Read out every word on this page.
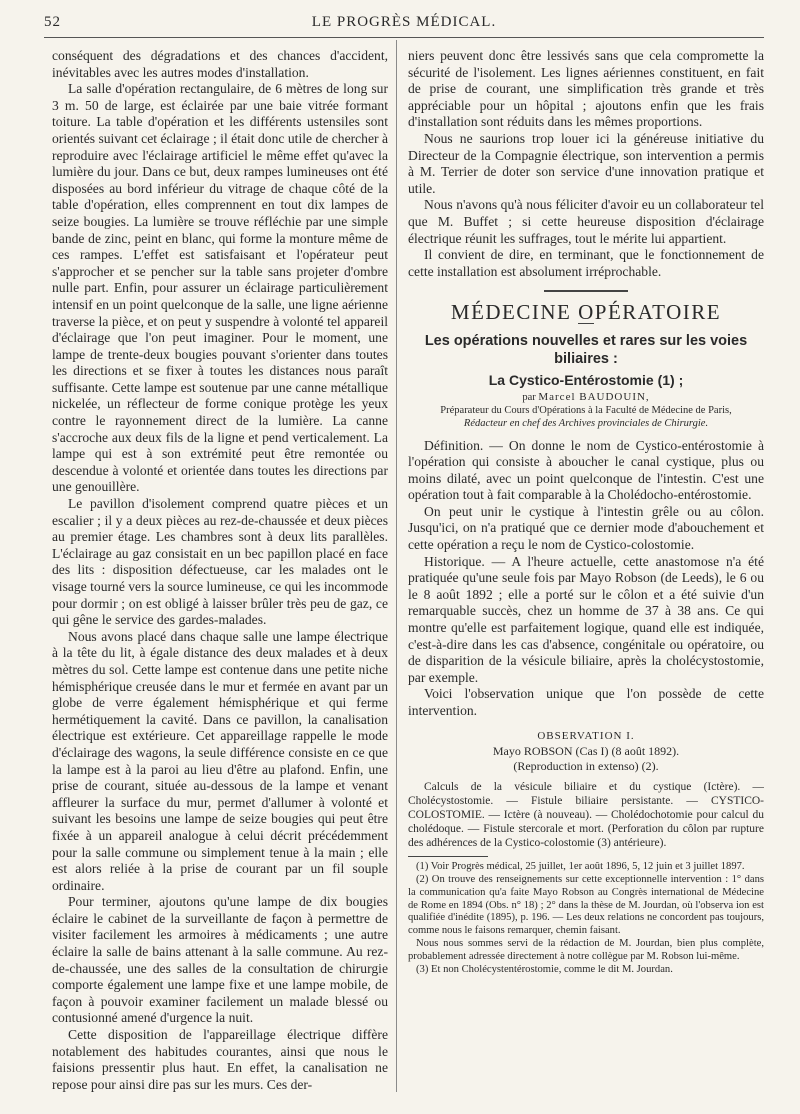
52	LE PROGRÈS MÉDICAL.

conséquent des dégradations et des chances d'accident, inévitables avec les autres modes d'installation.

La salle d'opération rectangulaire, de 6 mètres de long sur 3 m. 50 de large, est éclairée par une baie vitrée formant toiture. La table d'opération et les différents ustensiles sont orientés suivant cet éclairage ; il était donc utile de chercher à reproduire avec l'éclairage artificiel le même effet qu'avec la lumière du jour. Dans ce but, deux rampes lumineuses ont été disposées au bord inférieur du vitrage de chaque côté de la table d'opération, elles comprennent en tout dix lampes de seize bougies. La lumière se trouve réfléchie par une simple bande de zinc, peint en blanc, qui forme la monture même de ces rampes. L'effet est satisfaisant et l'opérateur peut s'approcher et se pencher sur la table sans projeter d'ombre nulle part. Enfin, pour assurer un éclairage particulièrement intensif en un point quelconque de la salle, une ligne aérienne traverse la pièce, et on peut y suspendre à volonté tel appareil d'éclairage que l'on peut imaginer. Pour le moment, une lampe de trente-deux bougies pouvant s'orienter dans toutes les directions et se fixer à toutes les distances nous paraît suffisante. Cette lampe est soutenue par une canne métallique nickelée, un réflecteur de forme conique protège les yeux contre le rayonnement direct de la lumière. La canne s'accroche aux deux fils de la ligne et pend verticalement. La lampe qui est à son extrémité peut être remontée ou descendue à volonté et orientée dans toutes les directions par une genouillère.

Le pavillon d'isolement comprend quatre pièces et un escalier ; il y a deux pièces au rez-de-chaussée et deux pièces au premier étage. Les chambres sont à deux lits parallèles. L'éclairage au gaz consistait en un bec papillon placé en face des lits : disposition défectueuse, car les malades ont le visage tourné vers la source lumineuse, ce qui les incommode pour dormir ; on est obligé à laisser brûler très peu de gaz, ce qui gêne le service des gardes-malades.

Nous avons placé dans chaque salle une lampe électrique à la tête du lit, à égale distance des deux malades et à deux mètres du sol. Cette lampe est contenue dans une petite niche hémisphérique creusée dans le mur et fermée en avant par un globe de verre également hémisphérique et qui ferme hermétiquement la cavité. Dans ce pavillon, la canalisation électrique est extérieure. Cet appareillage rappelle le mode d'éclairage des wagons, la seule différence consiste en ce que la lampe est à la paroi au lieu d'être au plafond. Enfin, une prise de courant, située au-dessous de la lampe et venant affleurer la surface du mur, permet d'allumer à volonté et suivant les besoins une lampe de seize bougies qui peut être fixée à un appareil analogue à celui décrit précédemment pour la salle commune ou simplement tenue à la main ; elle est alors reliée à la prise de courant par un fil souple ordinaire.

Pour terminer, ajoutons qu'une lampe de dix bougies éclaire le cabinet de la surveillante de façon à permettre de visiter facilement les armoires à médicaments ; une autre éclaire la salle de bains attenant à la salle commune. Au rez-de-chaussée, une des salles de la consultation de chirurgie comporte également une lampe fixe et une lampe mobile, de façon à pouvoir examiner facilement un malade blessé ou contusionné amené d'urgence la nuit.

Cette disposition de l'appareillage électrique diffère notablement des habitudes courantes, ainsi que nous le faisions pressentir plus haut. En effet, la canalisation ne repose pour ainsi dire pas sur les murs. Ces der-

niers peuvent donc être lessivés sans que cela compromette la sécurité de l'isolement. Les lignes aériennes constituent, en fait de prise de courant, une simplification très grande et très appréciable pour un hôpital ; ajoutons enfin que les frais d'installation sont réduits dans les mêmes proportions.

Nous ne saurions trop louer ici la généreuse initiative du Directeur de la Compagnie électrique, son intervention a permis à M. Terrier de doter son service d'une innovation pratique et utile.

Nous n'avons qu'à nous féliciter d'avoir eu un collaborateur tel que M. Buffet ; si cette heureuse disposition d'éclairage électrique réunit les suffrages, tout le mérite lui appartient.

Il convient de dire, en terminant, que le fonctionnement de cette installation est absolument irréprochable.

MÉDECINE OPÉRATOIRE
Les opérations nouvelles et rares sur les voies biliaires :
La Cystico-Entérostomie (1) ;
par Marcel BAUDOUIN,
Préparateur du Cours d'Opérations à la Faculté de Médecine de Paris,
Rédacteur en chef des Archives provinciales de Chirurgie.

Définition. — On donne le nom de Cystico-entérostomie à l'opération qui consiste à aboucher le canal cystique, plus ou moins dilaté, avec un point quelconque de l'intestin. C'est une opération tout à fait comparable à la Cholédocho-entérostomie.

On peut unir le cystique à l'intestin grêle ou au côlon. Jusqu'ici, on n'a pratiqué que ce dernier mode d'abouchement et cette opération a reçu le nom de Cystico-colostomie.

Historique. — A l'heure actuelle, cette anastomose n'a été pratiquée qu'une seule fois par Mayo Robson (de Leeds), le 6 ou le 8 août 1892 ; elle a porté sur le côlon et a été suivie d'un remarquable succès, chez un homme de 37 à 38 ans. Ce qui montre qu'elle est parfaitement logique, quand elle est indiquée, c'est-à-dire dans les cas d'absence, congénitale ou opératoire, ou de disparition de la vésicule biliaire, après la cholécystostomie, par exemple.

Voici l'observation unique que l'on possède de cette intervention.

OBSERVATION I.
Mayo ROBSON (Cas I) (8 août 1892).
(Reproduction in extenso) (2).

Calculs de la vésicule biliaire et du cystique (Ictère). — Cholécystostomie. — Fistule biliaire persistante. — CYSTICO-COLOSTOMIE. — Ictère (à nouveau). — Cholédochotomie pour calcul du cholédoque. — Fistule stercorale et mort. (Perforation du côlon par rupture des adhérences de la Cystico-colostomie (3) antérieure).

(1) Voir Progrès médical, 25 juillet, 1er août 1896, 5, 12 juin et 3 juillet 1897.

(2) On trouve des renseignements sur cette exceptionnelle intervention : 1° dans la communication qu'a faite Mayo Robson au Congrès international de Médecine de Rome en 1894 (Obs. n° 18) ; 2° dans la thèse de M. Jourdan, où l'observa ion est qualifiée d'inédite (1895), p. 196. — Les deux relations ne concordent pas toujours, comme nous le faisons remarquer, chemin faisant.

Nous nous sommes servi de la rédaction de M. Jourdan, bien plus complète, probablement adressée directement à notre collègue par M. Robson lui-même.

(3) Et non Cholécystentérostomie, comme le dit M. Jourdan.
